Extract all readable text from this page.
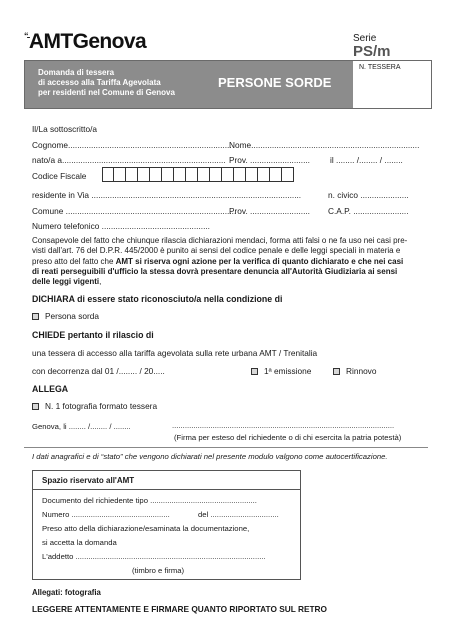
“̵AMTGenova	Serie
PS/m
Domanda di tessera
di accesso alla Tariffa Agevolata
per residenti nel Comune di Genova
PERSONE SORDE
N. TESSERA
Il/La sottoscritto/a
Cognome.......................................................................
Nome.........................................................................
nato/a a....................................................................... Prov. .......................... il ........ /........ / ........
Codice Fiscale
residente in Via ...........................................................................................	n. civico .....................
Comune ..........................................................................
Prov. .......................... C.A.P. ........................
Numero telefonico ...............................................
Consapevole del fatto che chiunque rilascia dichiarazioni mendaci, forma atti falsi o ne fa uso nei casi pre-
visti dall'art. 76 del D.P.R. 445/2000 è punito ai sensi del codice penale e delle leggi speciali in materia e
preso atto del fatto che AMT si riserva ogni azione per la verifica di quanto dichiarato e che nei casi
di reati perseguibili d'ufficio la stessa dovrà presentare denuncia all'Autorità Giudiziaria ai sensi
delle leggi vigenti,
DICHIARA di essere stato riconosciuto/a nella condizione di
Persona sorda
CHIEDE pertanto il rilascio di
una tessera di accesso alla tariffa agevolata sulla rete urbana AMT / Trenitalia
con decorrenza dal 01 /........ / 20.....	1ª emissione	Rinnovo
ALLEGA
N. 1 fotografia formato tessera
Genova, li ........ /........ / ........	........................................................................................................
(Firma per esteso del richiedente o di chi esercita la patria potestà)
I dati anagrafici e di “stato” che vengono dichiarati nel presente modulo valgono come autocertificazione.
Spazio riservato all'AMT
Documento del richiedente tipo ..................................................
Numero ..............................................	del ................................
Preso atto della dichiarazione/esaminata la documentazione,
si accetta la domanda
L'addetto .........................................................................................
(timbro e firma)
Allegati: fotografia
LEGGERE ATTENTAMENTE E FIRMARE QUANTO RIPORTATO SUL RETRO
